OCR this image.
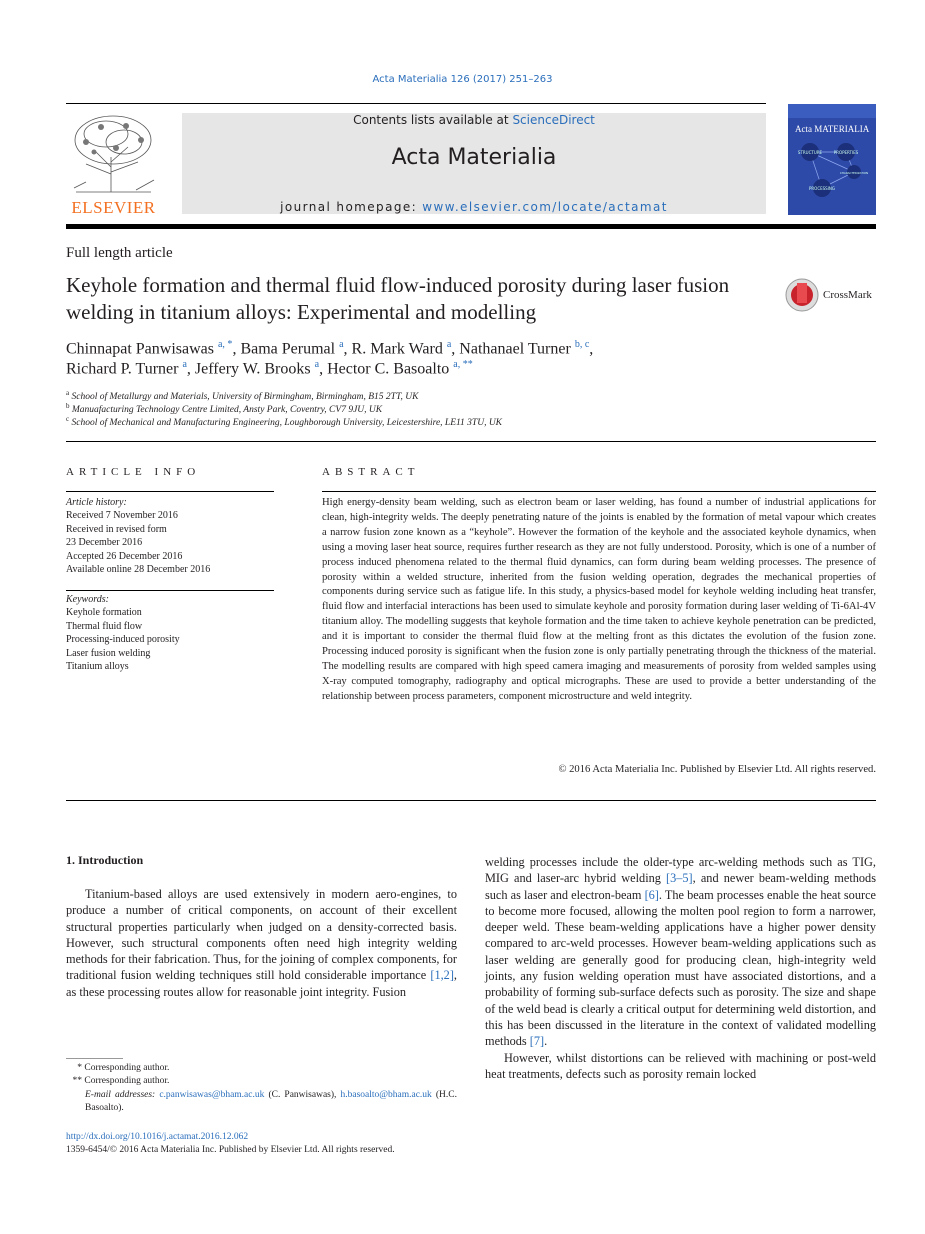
Acta Materialia 126 (2017) 251–263
ELSEVIER
Contents lists available at ScienceDirect
Acta Materialia
journal homepage: www.elsevier.com/locate/actamat
Acta MATERIALIA
STRUCTURE	PROPERTIES
PROCESSING
CHARACTERIZATION
Full length article
Keyhole formation and thermal fluid flow-induced porosity during laser fusion welding in titanium alloys: Experimental and modelling
CrossMark
Chinnapat Panwisawas $^{a, *}$, Bama Perumal $^a$, R. Mark Ward $^a$, Nathanael Turner $^{b, c}$,
Richard P. Turner $^a$, Jeffery W. Brooks $^a$, Hector C. Basoalto $^{a, **}$
$^a$ School of Metallurgy and Materials, University of Birmingham, Birmingham, B15 2TT, UK
$^b$ Manuafacturing Technology Centre Limited, Ansty Park, Coventry, CV7 9JU, UK
$^c$ School of Mechanical and Manufacturing Engineering, Loughborough University, Leicestershire, LE11 3TU, UK
ARTICLE INFO
Article history:
Received 7 November 2016
Received in revised form
23 December 2016
Accepted 26 December 2016
Available online 28 December 2016
Keywords:
Keyhole formation
Thermal fluid flow
Processing-induced porosity
Laser fusion welding
Titanium alloys
ABSTRACT
High energy-density beam welding, such as electron beam or laser welding, has found a number of industrial applications for clean, high-integrity welds. The deeply penetrating nature of the joints is enabled by the formation of metal vapour which creates a narrow fusion zone known as a “keyhole”. However the formation of the keyhole and the associated keyhole dynamics, when using a moving laser heat source, requires further research as they are not fully understood. Porosity, which is one of a number of process induced phenomena related to the thermal fluid dynamics, can form during beam welding processes. The presence of porosity within a welded structure, inherited from the fusion welding operation, degrades the mechanical properties of components during service such as fatigue life. In this study, a physics-based model for keyhole welding including heat transfer, fluid flow and interfacial interactions has been used to simulate keyhole and porosity formation during laser welding of Ti-6Al-4V titanium alloy. The modelling suggests that keyhole formation and the time taken to achieve keyhole penetration can be predicted, and it is important to consider the thermal fluid flow at the melting front as this dictates the evolution of the fusion zone. Processing induced porosity is significant when the fusion zone is only partially penetrating through the thickness of the material. The modelling results are compared with high speed camera imaging and measurements of porosity from welded samples using X-ray computed tomography, radiography and optical micrographs. These are used to provide a better understanding of the relationship between process parameters, component microstructure and weld integrity.
© 2016 Acta Materialia Inc. Published by Elsevier Ltd. All rights reserved.
1. Introduction

Titanium-based alloys are used extensively in modern aero-engines, to produce a number of critical components, on account of their excellent structural properties particularly when judged on a density-corrected basis. However, such structural components often need high integrity welding methods for their fabrication. Thus, for the joining of complex components, for traditional fusion welding techniques still hold considerable importance [1,2], as these processing routes allow for reasonable joint integrity. Fusion

welding processes include the older-type arc-welding methods such as TIG, MIG and laser-arc hybrid welding [3–5], and newer beam-welding methods such as laser and electron-beam [6]. The beam processes enable the heat source to become more focused, allowing the molten pool region to form a narrower, deeper weld. These beam-welding applications have a higher power density compared to arc-weld processes. However beam-welding applications such as laser welding are generally good for producing clean, high-integrity weld joints, any fusion welding operation must have associated distortions, and a probability of forming sub-surface defects such as porosity. The size and shape of the weld bead is clearly a critical output for determining weld distortion, and this has been discussed in the literature in the context of validated modelling methods [7].

However, whilst distortions can be relieved with machining or post-weld heat treatments, defects such as porosity remain locked

* Corresponding author.
** Corresponding author.
E-mail addresses: c.panwisawas@bham.ac.uk (C. Panwisawas), h.basoalto@bham.ac.uk (H.C. Basoalto).
http://dx.doi.org/10.1016/j.actamat.2016.12.062
1359-6454/© 2016 Acta Materialia Inc. Published by Elsevier Ltd. All rights reserved.
